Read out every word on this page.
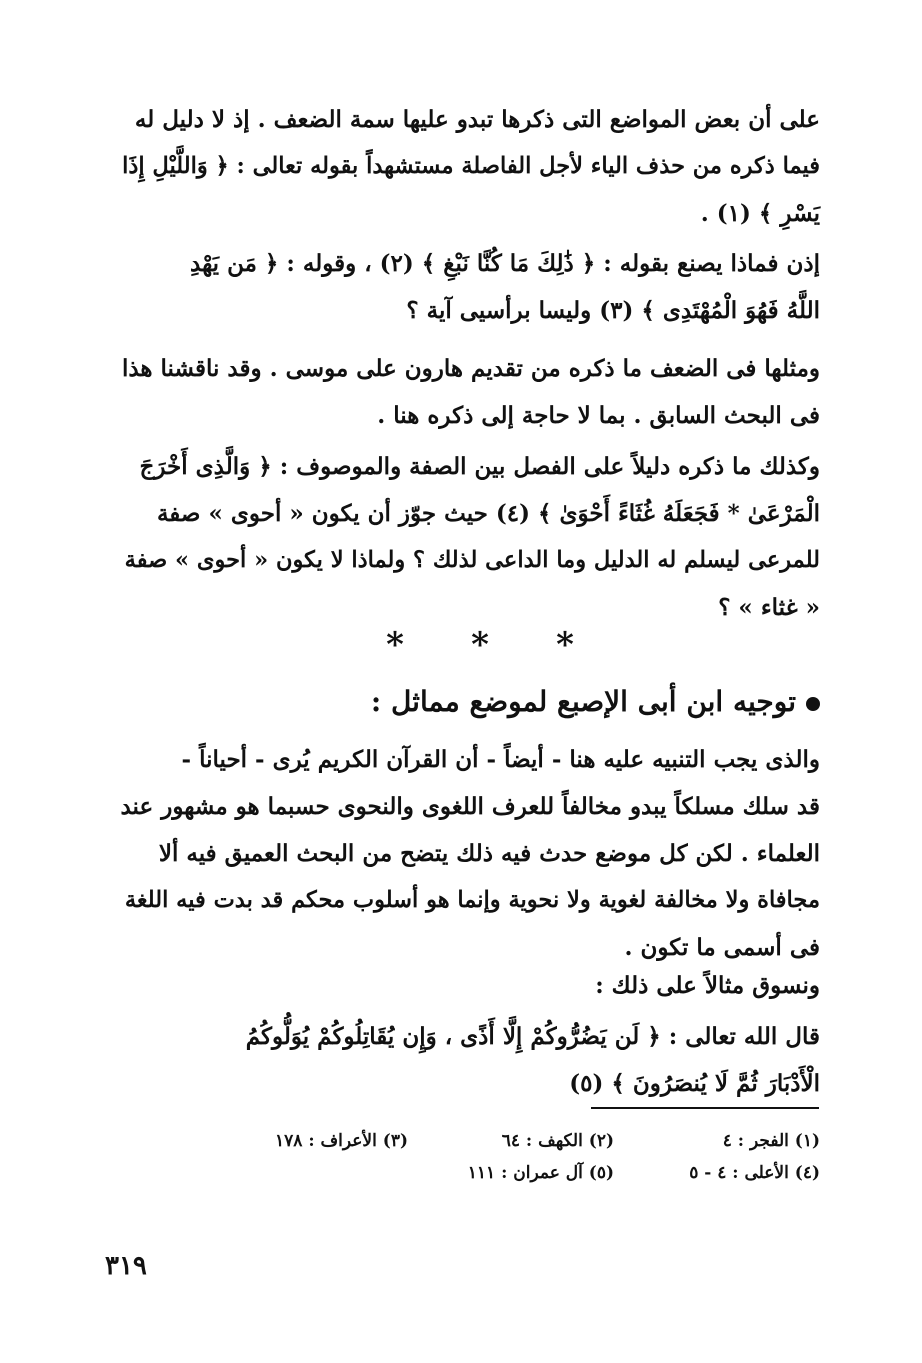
على أن بعض المواضع التى ذكرها تبدو عليها سمة الضعف . إذ لا دليل له
فيما ذكره من حذف الياء لأجل الفاصلة مستشهداً بقوله تعالى : ﴿ وَاللَّيْلِ إِذَا
يَسْرِ ﴾ (١) .
إذن فماذا يصنع بقوله : ﴿ ذَٰلِكَ مَا كُنَّا نَبْغِ ﴾ (٢) ، وقوله : ﴿ مَن يَهْدِ
اللَّهُ فَهُوَ الْمُهْتَدِى ﴾ (٣) وليسا برأسيى آية ؟
ومثلها فى الضعف ما ذكره من تقديم هارون على موسى . وقد ناقشنا هذا
فى البحث السابق . بما لا حاجة إلى ذكره هنا .
وكذلك ما ذكره دليلاً على الفصل بين الصفة والموصوف : ﴿ وَالَّذِى أَخْرَجَ
الْمَرْعَىٰ * فَجَعَلَهُ غُثَاءً أَحْوَىٰ ﴾ (٤) حيث جوّز أن يكون « أحوى » صفة
للمرعى ليسلم له الدليل وما الداعى لذلك ؟ ولماذا لا يكون « أحوى » صفة
« غثاء » ؟
* * *
توجيه ابن أبى الإصبع لموضع مماثل :
والذى يجب التنبيه عليه هنا - أيضاً - أن القرآن الكريم يُرى - أحياناً -
قد سلك مسلكاً يبدو مخالفاً للعرف اللغوى والنحوى حسبما هو مشهور عند
العلماء . لكن كل موضع حدث فيه ذلك يتضح من البحث العميق فيه ألا
مجافاة ولا مخالفة لغوية ولا نحوية وإنما هو أسلوب محكم قد بدت فيه اللغة
فى أسمى ما تكون .
ونسوق مثالاً على ذلك :
قال الله تعالى : ﴿ لَن يَضُرُّوكُمْ إِلَّا أَذًى ، وَإِن يُقَاتِلُوكُمْ يُوَلُّوكُمُ
الْأَدْبَارَ ثُمَّ لَا يُنصَرُونَ ﴾ (٥)
(١) الفجر : ٤
(٢) الكهف : ٦٤
(٣) الأعراف : ١٧٨
(٤) الأعلى : ٤ - ٥
(٥) آل عمران : ١١١
٣١٩
